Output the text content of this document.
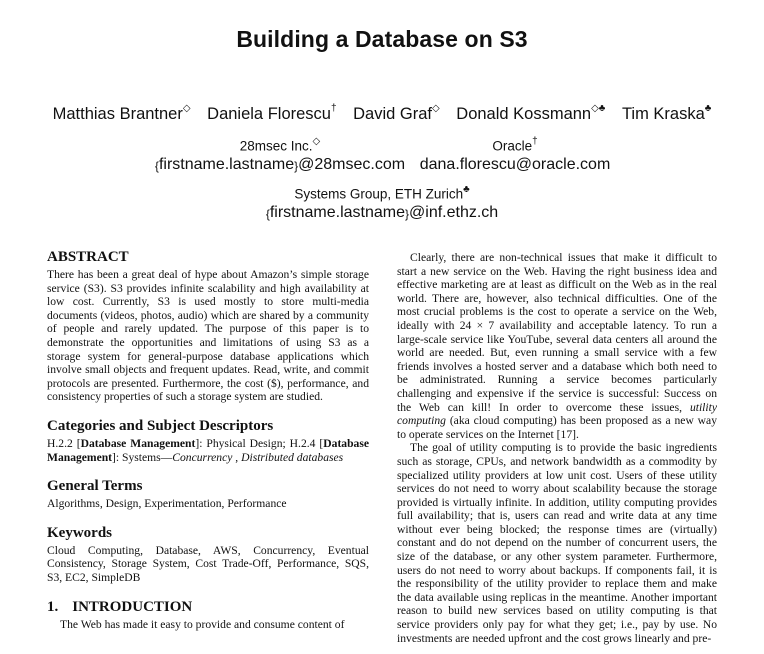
Building a Database on S3
Matthias Brantner◇ Daniela Florescu† David Graf◇ Donald Kossmann◇♣ Tim Kraska♣
28msec Inc.◇
{firstname.lastname}@28msec.com
Oracle†
dana.florescu@oracle.com
Systems Group, ETH Zurich♣
{firstname.lastname}@inf.ethz.ch
ABSTRACT

There has been a great deal of hype about Amazon’s simple storage service (S3). S3 provides infinite scalability and high availability at low cost. Currently, S3 is used mostly to store multi-media documents (videos, photos, audio) which are shared by a community of people and rarely updated. The purpose of this paper is to demonstrate the opportunities and limitations of using S3 as a storage system for general-purpose database applications which involve small objects and frequent updates. Read, write, and commit protocols are presented. Furthermore, the cost ($), performance, and consistency properties of such a storage system are studied.

Categories and Subject Descriptors

H.2.2 [Database Management]: Physical Design; H.2.4 [Database Management]: Systems—Concurrency , Distributed databases

General Terms

Algorithms, Design, Experimentation, Performance

Keywords

Cloud Computing, Database, AWS, Concurrency, Eventual Consistency, Storage System, Cost Trade-Off, Performance, SQS, S3, EC2, SimpleDB

1. INTRODUCTION

The Web has made it easy to provide and consume content of

Clearly, there are non-technical issues that make it difficult to start a new service on the Web. Having the right business idea and effective marketing are at least as difficult on the Web as in the real world. There are, however, also technical difficulties. One of the most crucial problems is the cost to operate a service on the Web, ideally with 24 × 7 availability and acceptable latency. To run a large-scale service like YouTube, several data centers all around the world are needed. But, even running a small service with a few friends involves a hosted server and a database which both need to be administrated. Running a service becomes particularly challenging and expensive if the service is successful: Success on the Web can kill! In order to overcome these issues, utility computing (aka cloud computing) has been proposed as a new way to operate services on the Internet [17].

The goal of utility computing is to provide the basic ingredients such as storage, CPUs, and network bandwidth as a commodity by specialized utility providers at low unit cost. Users of these utility services do not need to worry about scalability because the storage provided is virtually infinite. In addition, utility computing provides full availability; that is, users can read and write data at any time without ever being blocked; the response times are (virtually) constant and do not depend on the number of concurrent users, the size of the database, or any other system parameter. Furthermore, users do not need to worry about backups. If components fail, it is the responsibility of the utility provider to replace them and make the data available using replicas in the meantime. Another important reason to build new services based on utility computing is that service providers only pay for what they get; i.e., pay by use. No investments are needed upfront and the cost grows linearly and pre-
